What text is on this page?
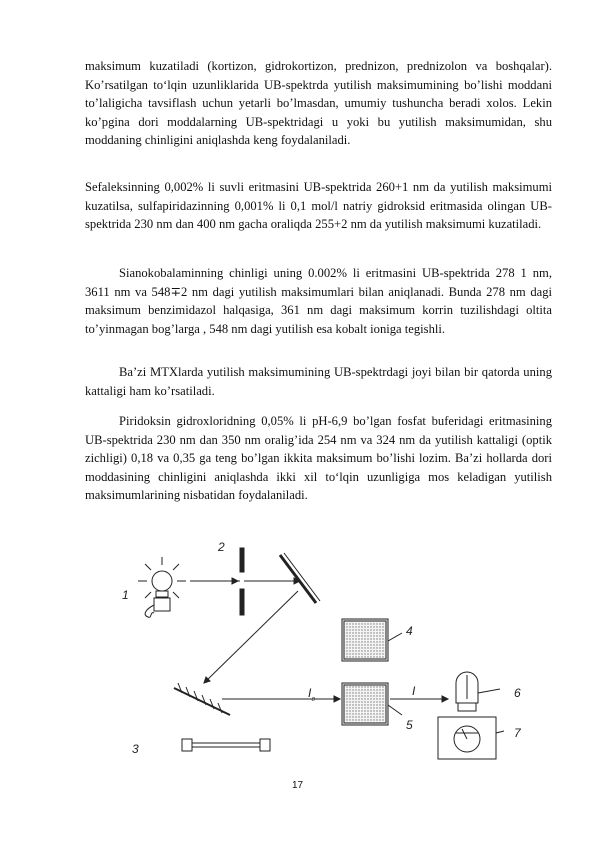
maksimum kuzatiladi (kortizon, gidrokortizon, prednizon, prednizolon va boshqalar). Ko’rsatilgan to‘lqin uzunliklarida UB-spektrda yutilish maksimumining bo’lishi moddani to’laligicha tavsiflash uchun yetarli bo’lmasdan, umumiy tushuncha beradi xolos. Lekin ko’pgina dori moddalarning UB-spektridagi u yoki bu yutilish maksimumidan, shu moddaning chinligini aniqlashda keng foydalaniladi.

Sefaleksinning 0,002% li suvli eritmasini UB-spektrida 260+1 nm da yutilish maksimumi kuzatilsa, sulfapiridazinning 0,001% li 0,1 mol/l natriy gidroksid eritmasida olingan UB-spektrida 230 nm dan 400 nm gacha oraliqda 255+2 nm da yutilish maksimumi kuzatiladi.

Sianokobalaminning chinligi uning 0.002% li eritmasini UB-spektrida 278 1 nm, 3611 nm va 548∓2 nm dagi yutilish maksimumlari bilan aniqlanadi. Bunda 278 nm dagi maksimum benzimidazol halqasiga, 361 nm dagi maksimum korrin tuzilishdagi oltita to’yinmagan bog’larga , 548 nm dagi yutilish esa kobalt ioniga tegishli.

Ba’zi MTXlarda yutilish maksimumining UB-spektrdagi joyi bilan bir qatorda uning kattaligi ham ko’rsatiladi.

Piridoksin gidroxloridning 0,05% li pH-6,9 bo’lgan fosfat buferidagi eritmasining UB-spektrida 230 nm dan 350 nm oralig’ida 254 nm va 324 nm da yutilish kattaligi (optik zichligi) 0,18 va 0,35 ga teng bo’lgan ikkita maksimum bo’lishi lozim. Ba’zi hollarda dori moddasining chinligini aniqlashda ikki xil to‘lqin uzunligiga mos keladigan yutilish maksimumlarining nisbatidan foydalaniladi.

1
2
3
4
5
6
7
$I_{_0}$	I
17
